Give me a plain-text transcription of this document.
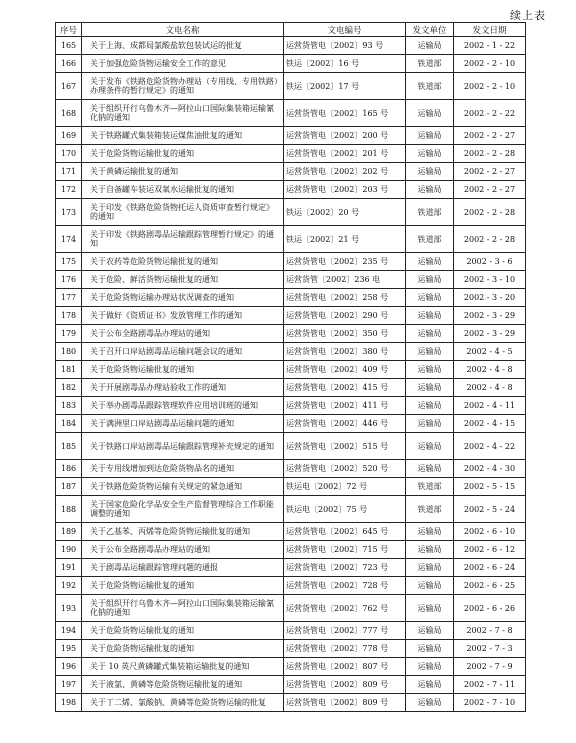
续上表
序号	文电名称	文电编号	发文单位	发文日期
165	关于上海、成都局氯酸盐软包装试运的批复	运营货管电〔2002〕93 号	运输局	2002 - 1 - 22
166	关于加强危险货物运输安全工作的意见	铁运〔2002〕16 号	铁道部	2002 - 2 - 10
167	关于发布《铁路危险货物办理站（专用线、专用铁路）办理条件的暂行规定》的通知	铁运〔2002〕17 号	铁道部	2002 - 2 - 10
168	关于组织开行乌鲁木齐—阿拉山口国际集装箱运输氰化钠的通知	运营货管电〔2002〕165 号	运输局	2002 - 2 - 22
169	关于铁路罐式集装箱装运煤焦油批复的通知	运营货管电〔2002〕200 号	运输局	2002 - 2 - 27
170	关于危险货物运输批复的通知	运营货管电〔2002〕201 号	运输局	2002 - 2 - 28
171	关于黄磷运输批复的通知	运营货管电〔2002〕202 号	运输局	2002 - 2 - 27
172	关于自备罐车装运双氧水运输批复的通知	运营货管电〔2002〕203 号	运输局	2002 - 2 - 27
173	关于印发《铁路危险货物托运人资质审查暂行规定》的通知	铁运〔2002〕20 号	铁道部	2002 - 2 - 28
174	关于印发《铁路剧毒品运输跟踪管理暂行规定》的通知	铁运〔2002〕21 号	铁道部	2002 - 2 - 28
175	关于农药等危险货物运输批复的通知	运营货管电〔2002〕235 号	运输局	2002 - 3 - 6
176	关于危险、鲜活货物运输批复的通知	运营货管〔2002〕236 电	运输局	2002 - 3 - 10
177	关于危险货物运输办理站状况调查的通知	运营货管电〔2002〕258 号	运输局	2002 - 3 - 20
178	关于做好《资质证书》发放管理工作的通知	运营货管电〔2002〕290 号	运输局	2002 - 3 - 29
179	关于公布全路剧毒品办理站的通知	运营货管电〔2002〕350 号	运输局	2002 - 3 - 29
180	关于召开口岸站剧毒品运输问题会议的通知	运营货管电〔2002〕380 号	运输局	2002 - 4 - 5
181	关于危险货物运输批复的通知	运营货管电〔2002〕409 号	运输局	2002 - 4 - 8
182	关于开展剧毒品办理站验收工作的通知	运营货管电〔2002〕415 号	运输局	2002 - 4 - 8
183	关于举办剧毒品跟踪管理软件应用培训班的通知	运营货管电〔2002〕411 号	运输局	2002 - 4 - 11
184	关于满洲里口岸站剧毒品运输问题的通知	运营货管电〔2002〕446 号	运输局	2002 - 4 - 15
185	关于铁路口岸站剧毒品运输跟踪管理补充规定的通知	运营货管电〔2002〕515 号	运输局	2002 - 4 - 22
186	关于专用线增加到达危险货物品名的通知	运营货管电〔2002〕520 号	运输局	2002 - 4 - 30
187	关于铁路危险货物运输有关规定的紧急通知	铁运电〔2002〕72 号	铁道部	2002 - 5 - 15
188	关于国家危险化学品安全生产监督管理综合工作职能调整的通知	铁运电〔2002〕75 号	铁道部	2002 - 5 - 24
189	关于乙基苯、丙烯等危险货物运输批复的通知	运营货管电〔2002〕645 号	运输局	2002 - 6 - 10
190	关于公布全路剧毒品办理站的通知	运营货管电〔2002〕715 号	运输局	2002 - 6 - 12
191	关于剧毒品运输跟踪管理问题的通报	运营货管电〔2002〕723 号	运输局	2002 - 6 - 24
192	关于危险货物运输批复的通知	运营货管电〔2002〕728 号	运输局	2002 - 6 - 25
193	关于组织开行乌鲁木齐—阿拉山口国际集装箱运输氰化钠的通知	运营货管电〔2002〕762 号	运输局	2002 - 6 - 26
194	关于危险货物运输批复的通知	运营货管电〔2002〕777 号	运输局	2002 - 7 - 8
195	关于危险货物运输批复的通知	运营货管电〔2002〕778 号	运输局	2002 - 7 - 3
196	关于 10 英尺黄磷罐式集装箱运输批复的通知	运营货管电〔2002〕807 号	运输局	2002 - 7 - 9
197	关于液氯、黄磷等危险货物运输批复的通知	运营货管电〔2002〕809 号	运输局	2002 - 7 - 11
198	关于丁二烯、氯酸钠、黄磷等危险货物运输的批复	运营货管电〔2002〕809 号	运输局	2002 - 7 - 10
